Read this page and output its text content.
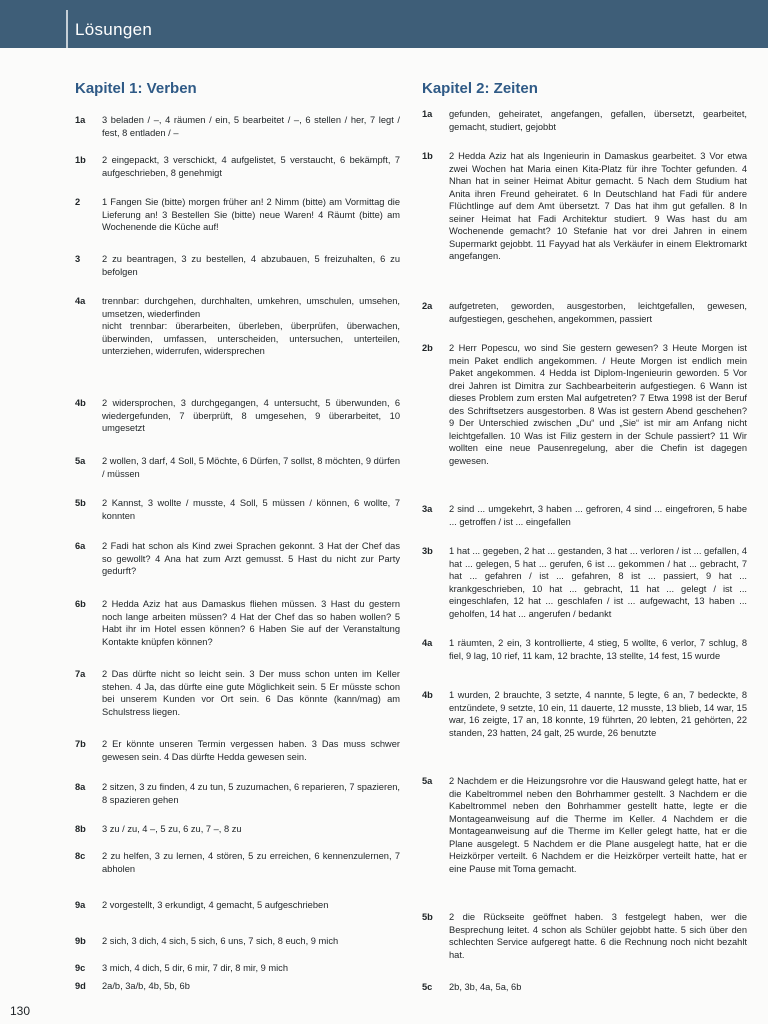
Lösungen
Kapitel 1: Verben
1a	3 beladen / –, 4 räumen / ein, 5 bearbeitet / –, 6 stellen / her, 7 legt / fest, 8 entladen / –

1b	2 eingepackt, 3 verschickt, 4 aufgelistet, 5 verstaucht, 6 bekämpft, 7 aufgeschrieben, 8 genehmigt

2	1 Fangen Sie (bitte) morgen früher an! 2 Nimm (bitte) am Vormittag die Lieferung an! 3 Bestellen Sie (bitte) neue Waren! 4 Räumt (bitte) am Wochenende die Küche auf!

3	2 zu beantragen, 3 zu bestellen, 4 abzubauen, 5 freizuhalten, 6 zu befolgen

4a	trennbar: durchgehen, durchhalten, umkehren, umschulen, umsehen, umsetzen, wiederfinden

nicht trennbar: überarbeiten, überleben, überprüfen, überwachen, überwinden, umfassen, unterscheiden, untersuchen, unterteilen, unterziehen, widerrufen, widersprechen

4b	2 widersprochen, 3 durchgegangen, 4 untersucht, 5 überwunden, 6 wiedergefunden, 7 überprüft, 8 umgesehen, 9 überarbeitet, 10 umgesetzt

5a	2 wollen, 3 darf, 4 Soll, 5 Möchte, 6 Dürfen, 7 sollst, 8 möchten, 9 dürfen / müssen

5b	2 Kannst, 3 wollte / musste, 4 Soll, 5 müssen / können, 6 wollte, 7 konnten

6a	2 Fadi hat schon als Kind zwei Sprachen gekonnt. 3 Hat der Chef das so gewollt? 4 Ana hat zum Arzt gemusst. 5 Hast du nicht zur Party gedurft?

6b	2 Hedda Aziz hat aus Damaskus fliehen müssen. 3 Hast du gestern noch lange arbeiten müssen? 4 Hat der Chef das so haben wollen? 5 Habt ihr im Hotel essen können? 6 Haben Sie auf der Veranstaltung Kontakte knüpfen können?

7a	2 Das dürfte nicht so leicht sein. 3 Der muss schon unten im Keller stehen. 4 Ja, das dürfte eine gute Möglichkeit sein. 5 Er müsste schon bei unserem Kunden vor Ort sein. 6 Das könnte (kann/mag) am Schulstress liegen.

7b	2 Er könnte unseren Termin vergessen haben. 3 Das muss schwer gewesen sein. 4 Das dürfte Hedda gewesen sein.

8a	2 sitzen, 3 zu finden, 4 zu tun, 5 zuzumachen, 6 reparieren, 7 spazieren, 8 spazieren gehen

8b	3 zu / zu, 4 –, 5 zu, 6 zu, 7 –, 8 zu

8c	2 zu helfen, 3 zu lernen, 4 stören, 5 zu erreichen, 6 kennenzulernen, 7 abholen

9a	2 vorgestellt, 3 erkundigt, 4 gemacht, 5 aufgeschrieben

9b	2 sich, 3 dich, 4 sich, 5 sich, 6 uns, 7 sich, 8 euch, 9 mich

9c	3 mich, 4 dich, 5 dir, 6 mir, 7 dir, 8 mir, 9 mich

9d	2a/b, 3a/b, 4b, 5b, 6b

Kapitel 2: Zeiten
1a	gefunden, geheiratet, angefangen, gefallen, übersetzt, gearbeitet, gemacht, studiert, gejobbt

1b	2 Hedda Aziz hat als Ingenieurin in Damaskus gearbeitet. 3 Vor etwa zwei Wochen hat Maria einen Kita-Platz für ihre Tochter gefunden. 4 Nhan hat in seiner Heimat Abitur gemacht. 5 Nach dem Studium hat Anita ihren Freund geheiratet. 6 In Deutschland hat Fadi für andere Flüchtlinge auf dem Amt übersetzt. 7 Das hat ihm gut gefallen. 8 In seiner Heimat hat Fadi Architektur studiert. 9 Was hast du am Wochenende gemacht? 10 Stefanie hat vor drei Jahren in einem Supermarkt gejobbt. 11 Fayyad hat als Verkäufer in einem Elektromarkt angefangen.

2a	aufgetreten, geworden, ausgestorben, leichtgefallen, gewesen, aufgestiegen, geschehen, angekommen, passiert

2b	2 Herr Popescu, wo sind Sie gestern gewesen? 3 Heute Morgen ist mein Paket endlich angekommen. / Heute Morgen ist endlich mein Paket angekommen. 4 Hedda ist Diplom-Ingenieurin geworden. 5 Vor drei Jahren ist Dimitra zur Sachbearbeiterin aufgestiegen. 6 Wann ist dieses Problem zum ersten Mal aufgetreten? 7 Etwa 1998 ist der Beruf des Schriftsetzers ausgestorben. 8 Was ist gestern Abend geschehen? 9 Der Unterschied zwischen „Du“ und „Sie“ ist mir am Anfang nicht leichtgefallen. 10 Was ist Filiz gestern in der Schule passiert? 11 Wir wollten eine neue Pausenregelung, aber die Chefin ist dagegen gewesen.

3a	2 sind ... umgekehrt, 3 haben ... gefroren, 4 sind ... eingefroren, 5 habe ... getroffen / ist ... eingefallen

3b	1 hat ... gegeben, 2 hat ... gestanden, 3 hat ... verloren / ist ... gefallen, 4 hat ... gelegen, 5 hat ... gerufen, 6 ist ... gekommen / hat ... gebracht, 7 hat ... gefahren / ist ... gefahren, 8 ist ... passiert, 9 hat ... krankgeschrieben, 10 hat ... gebracht, 11 hat ... gelegt / ist ... eingeschlafen, 12 hat ... geschlafen / ist ... aufgewacht, 13 haben ... geholfen, 14 hat ... angerufen / bedankt

4a	1 räumten, 2 ein, 3 kontrollierte, 4 stieg, 5 wollte, 6 verlor, 7 schlug, 8 fiel, 9 lag, 10 rief, 11 kam, 12 brachte, 13 stellte, 14 fest, 15 wurde

4b	1 wurden, 2 brauchte, 3 setzte, 4 nannte, 5 legte, 6 an, 7 bedeckte, 8 entzündete, 9 setzte, 10 ein, 11 dauerte, 12 musste, 13 blieb, 14 war, 15 war, 16 zeigte, 17 an, 18 konnte, 19 führten, 20 lebten, 21 gehörten, 22 standen, 23 hatten, 24 galt, 25 wurde, 26 benutzte

5a	2 Nachdem er die Heizungsrohre vor die Hauswand gelegt hatte, hat er die Kabeltrommel neben den Bohrhammer gestellt. 3 Nachdem er die Kabeltrommel neben den Bohrhammer gestellt hatte, legte er die Montageanweisung auf die Therme im Keller. 4 Nachdem er die Montageanweisung auf die Therme im Keller gelegt hatte, hat er die Plane ausgelegt. 5 Nachdem er die Plane ausgelegt hatte, hat er die Heizkörper verteilt. 6 Nachdem er die Heizkörper verteilt hatte, hat er eine Pause mit Toma gemacht.

5b	2 die Rückseite geöffnet haben. 3 festgelegt haben, wer die Besprechung leitet. 4 schon als Schüler gejobbt hatte. 5 sich über den schlechten Service aufgeregt hatte. 6 die Rechnung noch nicht bezahlt hat.

5c	2b, 3b, 4a, 5a, 6b

130
